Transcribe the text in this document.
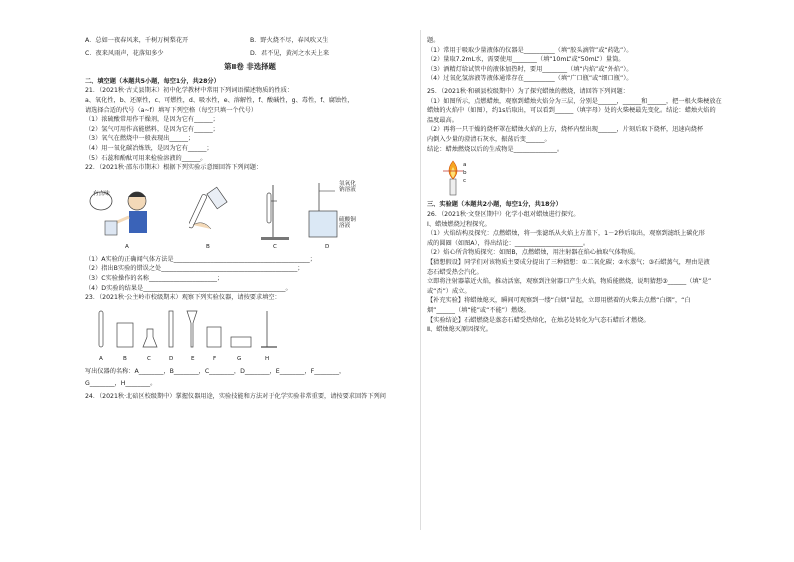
A．总如一夜春风来，千树万树梨花开	B．野火烧不尽，春风吹又生

C．夜来风雨声，花落知多少	D．君不见，黄河之水天上来

第Ⅱ卷 非选择题

二、填空题（本题共5小题，每空1分，共28分）

21．（2021秋·古丈县期末）初中化学教材中常用下列词语描述物质的性质：

a、氧化性，b、还原性，c、可燃性，d、吸水性，e、溶解性，f、酸碱性，g、毒性，f、腐蚀性，

请选择合适的代号（a~f）填写下列空格（每空只填一个代号）

（1）浓硫酸常用作干燥剂，是因为它有______；

（2）氢气可用作高能燃料，是因为它有______；

（3）氧气在燃烧中一般表现出______；

（4）用一氧化碳冶炼铁，是因为它有______；

（5）石蕊和酚酞可用来检验溶液的______。

22．（2021秋·邵东市期末）根据下列实验示意图回答下列问题：

有点味
A	B	C
氢氧化钠溶液
硫酸铜溶液
D

（1）A实验的正确闻气体方法是____________________________________________；

（2）指出B实验的错误之处____________________________________________；

（3）C实验操作的名称______________________；

（4）D实验的结果是______________________________________________。

23．（2021秋·公主岭市校级期末）观察下列实验仪器，请按要求填空：

A	B	C	D	E	F	G	H

写出仪器的名称：A________，B________，C________，D________，E________，F________，

G________，H________。

24．（2021秋·北碚区校级期中）掌握仪器用途，实验技能和方法对于化学实验非常重要，请按要求回答下列问

题。

（1）常用于吸取少量液体的仪器是__________（填“胶头滴管”或“药匙”）。

（2）量取7.2mL水，需要使用________（填“10mL”或“50mL”）量筒。

（3）酒精灯给试管中的液体加热时，要用________（填“内焰”或“外焰”）。

（4）过氧化氢溶液等液体通常存在__________（填“广口瓶”或“细口瓶”）。

25．（2021秋·和硕县校级期中）为了探究蜡烛的燃烧，请回答下列问题：

（1）如图所示，点燃蜡烛，观察到蜡烛火焰分为三层，分别是______，______和______，把一根火柴梗放在

蜡烛的火焰中（如图），约1s后取出，可以看到______（填字母）处的火柴梗最先变化。结论：蜡烛火焰的

温度最高。

（2）再将一只干燥的烧杯罩在蜡烛火焰的上方，烧杯内壁出现______，片刻后取下烧杯，迅速向烧杯

内倒入少量的澄清石灰水，振荡后变______。

结论：蜡烛燃烧以后的生成物是______________。

a
b
c

三、实验题（本题共2小题，每空1分，共18分）

26．（2021秋·文登区期中）化学小组对蜡烛进行探究。

Ⅰ、蜡烛燃烧过程探究。

（1）火焰结构及探究：点燃蜡烛，将一张滤纸从火焰上方盖下，1－2秒后取出，观察到滤纸上碳化形

成的圆圈（如图A），得出结论：______________________。

（2）焰心所含物质探究：如图B，点燃蜡烛，用注射器在焰心抽取气体物质。

【猜想假设】同学们对该物质主要成分提出了三种猜想：①二氧化碳；②水蒸气；③石蜡蒸气，理由是液

态石蜡受热会汽化。

立即将注射器靠近火焰，推动活塞，观察到注射器口产生火焰，物质能燃烧，说明猜想③______（填“是”

或“否”）成立。

【补充实验】将蜡烛熄灭，瞬间可观察到一缕“白烟”冒起，立即用燃着的火柴去点燃“白烟”，“白

烟”______（填“能”或“不能”）燃烧。

【实验结论】石蜡燃烧是蒸态石蜡受热熔化，在烛芯处转化为气态石蜡后才燃烧。

Ⅱ、蜡烛熄灭原因探究。
